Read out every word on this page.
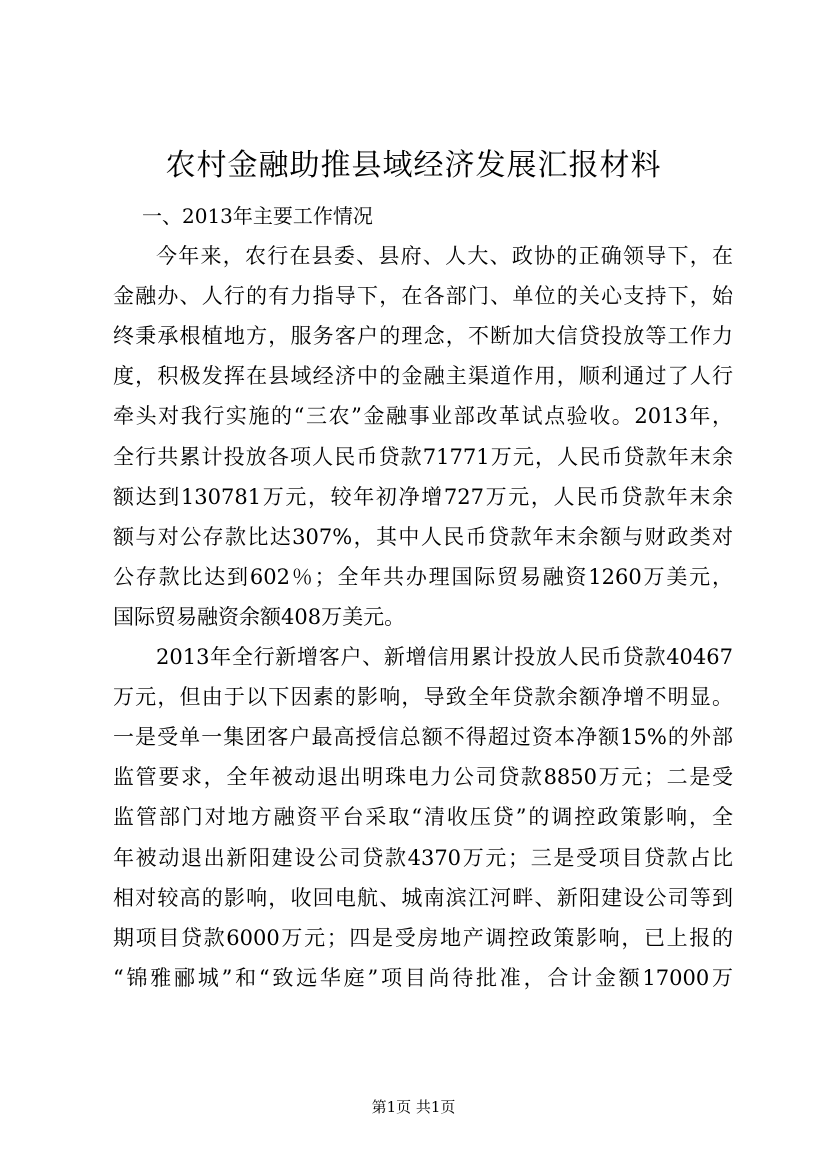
农村金融助推县域经济发展汇报材料
一、2013年主要工作情况
今年来，农行在县委、县府、人大、政协的正确领导下，在
金融办、人行的有力指导下，在各部门、单位的关心支持下，始
终秉承根植地方，服务客户的理念，不断加大信贷投放等工作力
度，积极发挥在县域经济中的金融主渠道作用，顺利通过了人行
牵头对我行实施的“三农”金融事业部改革试点验收。2013年，
全行共累计投放各项人民币贷款71771万元，人民币贷款年末余
额达到130781万元，较年初净增727万元，人民币贷款年末余
额与对公存款比达307%，其中人民币贷款年末余额与财政类对
公存款比达到602％；全年共办理国际贸易融资1260万美元，
国际贸易融资余额408万美元。
2013年全行新增客户、新增信用累计投放人民币贷款40467
万元，但由于以下因素的影响，导致全年贷款余额净增不明显。
一是受单一集团客户最高授信总额不得超过资本净额15%的外部
监管要求，全年被动退出明珠电力公司贷款8850万元；二是受
监管部门对地方融资平台采取“清收压贷”的调控政策影响，全
年被动退出新阳建设公司贷款4370万元；三是受项目贷款占比
相对较高的影响，收回电航、城南滨江河畔、新阳建设公司等到
期项目贷款6000万元；四是受房地产调控政策影响，已上报的
“锦雅郦城”和“致远华庭”项目尚待批准，合计金额17000万
第1页 共1页
